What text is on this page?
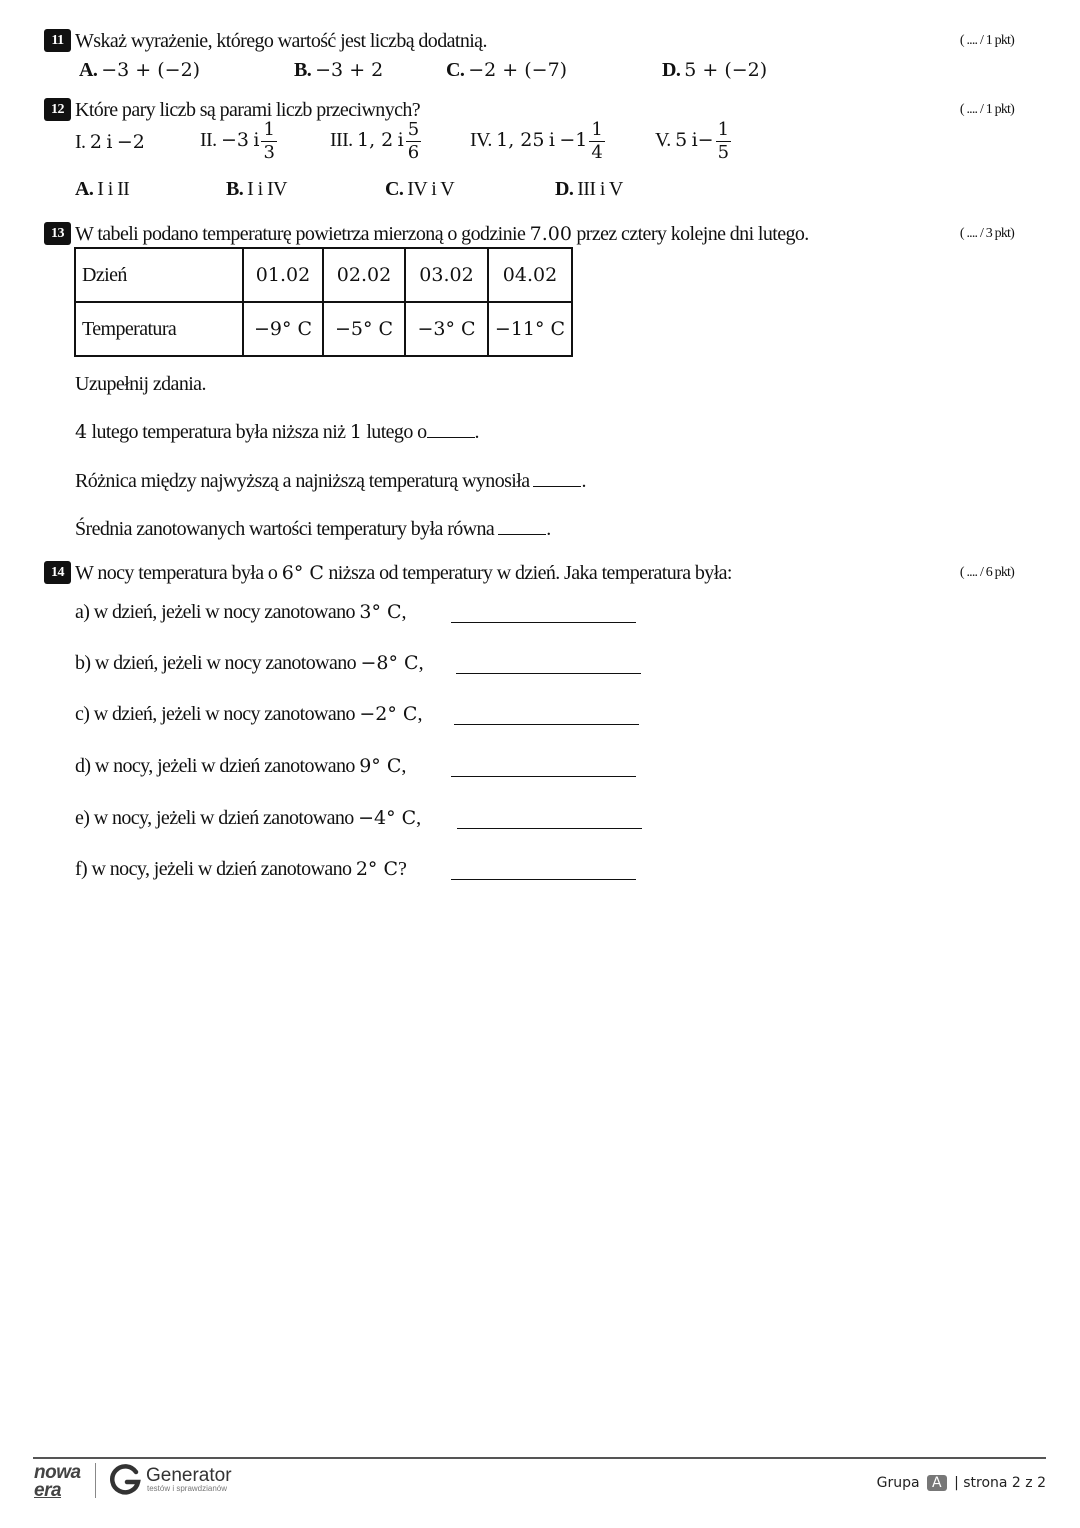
11 Wskaż wyrażenie, którego wartość jest liczbą dodatnią.	( .... / 1 pkt)
A. −3 + (−2)	B. −3 + 2	C. −2 + (−7)	D. 5 + (−2)
12 Które pary liczb są parami liczb przeciwnych?	( .... / 1 pkt)
I. 2 i −2	II. −3 i $\frac{1}{3}$	III. 1, 2 i $\frac{5}{6}$ IV. 1, 25 $i -1 \frac{1}{4}$	V. 5 $i- \frac{1}{5}$
A. I i II	B. I i IV	C. IV i V	D. III i V
13 W tabeli podano temperaturę powietrza mierzoną o godzinie 7.00 przez cztery kolejne dni lutego.	( .... / 3 pkt)
Dzień	01.02	02.02	03.02	04.02
Temperatura	−9° C	−5° C	−3° C	−11° C
Uzupełnij zdania.
4 lutego temperatura była niższa niż 1 lutego o .
Różnica między najwyższą a najniższą temperaturą wynosiła	.
Średnia zanotowanych wartości temperatury była równa	.
14 W nocy temperatura była o 6° C niższa od temperatury w dzień. Jaka temperatura była:	( .... / 6 pkt)
a) w dzień, jeżeli w nocy zanotowano 3° C,
b) w dzień, jeżeli w nocy zanotowano −8° C,
c) w dzień, jeżeli w nocy zanotowano −2° C,
d) w nocy, jeżeli w dzień zanotowano 9° C,
e) w nocy, jeżeli w dzień zanotowano −4° C,
f) w nocy, jeżeli w dzień zanotowano 2° C?
nowa
era
Generator
testów i sprawdzianów	Grupa A | strona 2 z 2
